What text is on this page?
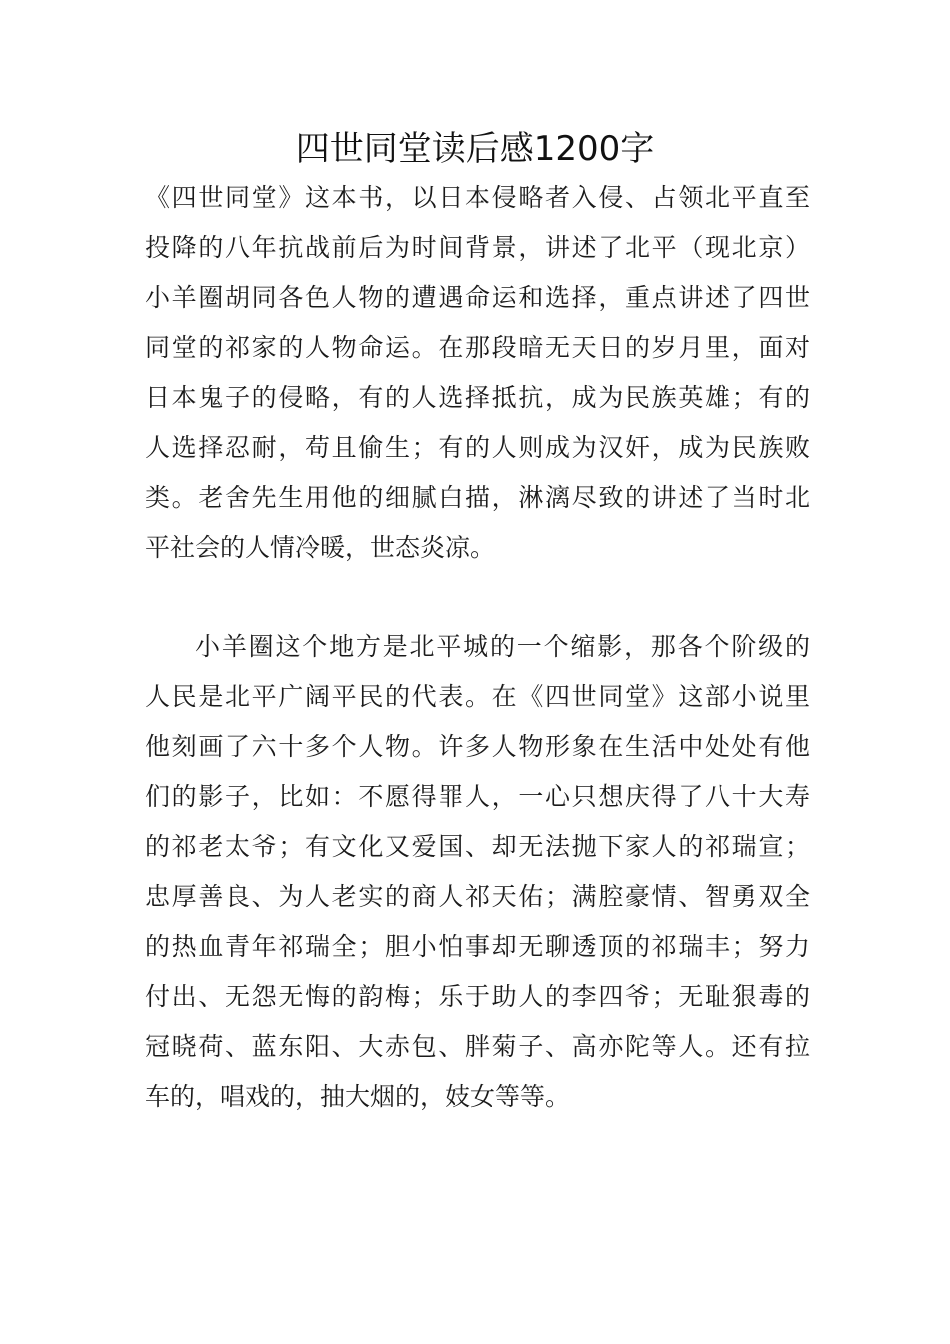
四世同堂读后感1200字
《四世同堂》这本书，以日本侵略者入侵、占领北平直至
投降的八年抗战前后为时间背景，讲述了北平（现北京）
小羊圈胡同各色人物的遭遇命运和选择，重点讲述了四世
同堂的祁家的人物命运。在那段暗无天日的岁月里，面对
日本鬼子的侵略，有的人选择抵抗，成为民族英雄；有的
人选择忍耐，苟且偷生；有的人则成为汉奸，成为民族败
类。老舍先生用他的细腻白描，淋漓尽致的讲述了当时北
平社会的人情冷暖，世态炎凉。
小羊圈这个地方是北平城的一个缩影，那各个阶级的
人民是北平广阔平民的代表。在《四世同堂》这部小说里
他刻画了六十多个人物。许多人物形象在生活中处处有他
们的影子，比如：不愿得罪人，一心只想庆得了八十大寿
的祁老太爷；有文化又爱国、却无法抛下家人的祁瑞宣；
忠厚善良、为人老实的商人祁天佑；满腔豪情、智勇双全
的热血青年祁瑞全；胆小怕事却无聊透顶的祁瑞丰；努力
付出、无怨无悔的韵梅；乐于助人的李四爷；无耻狠毒的
冠晓荷、蓝东阳、大赤包、胖菊子、高亦陀等人。还有拉
车的，唱戏的，抽大烟的，妓女等等。
